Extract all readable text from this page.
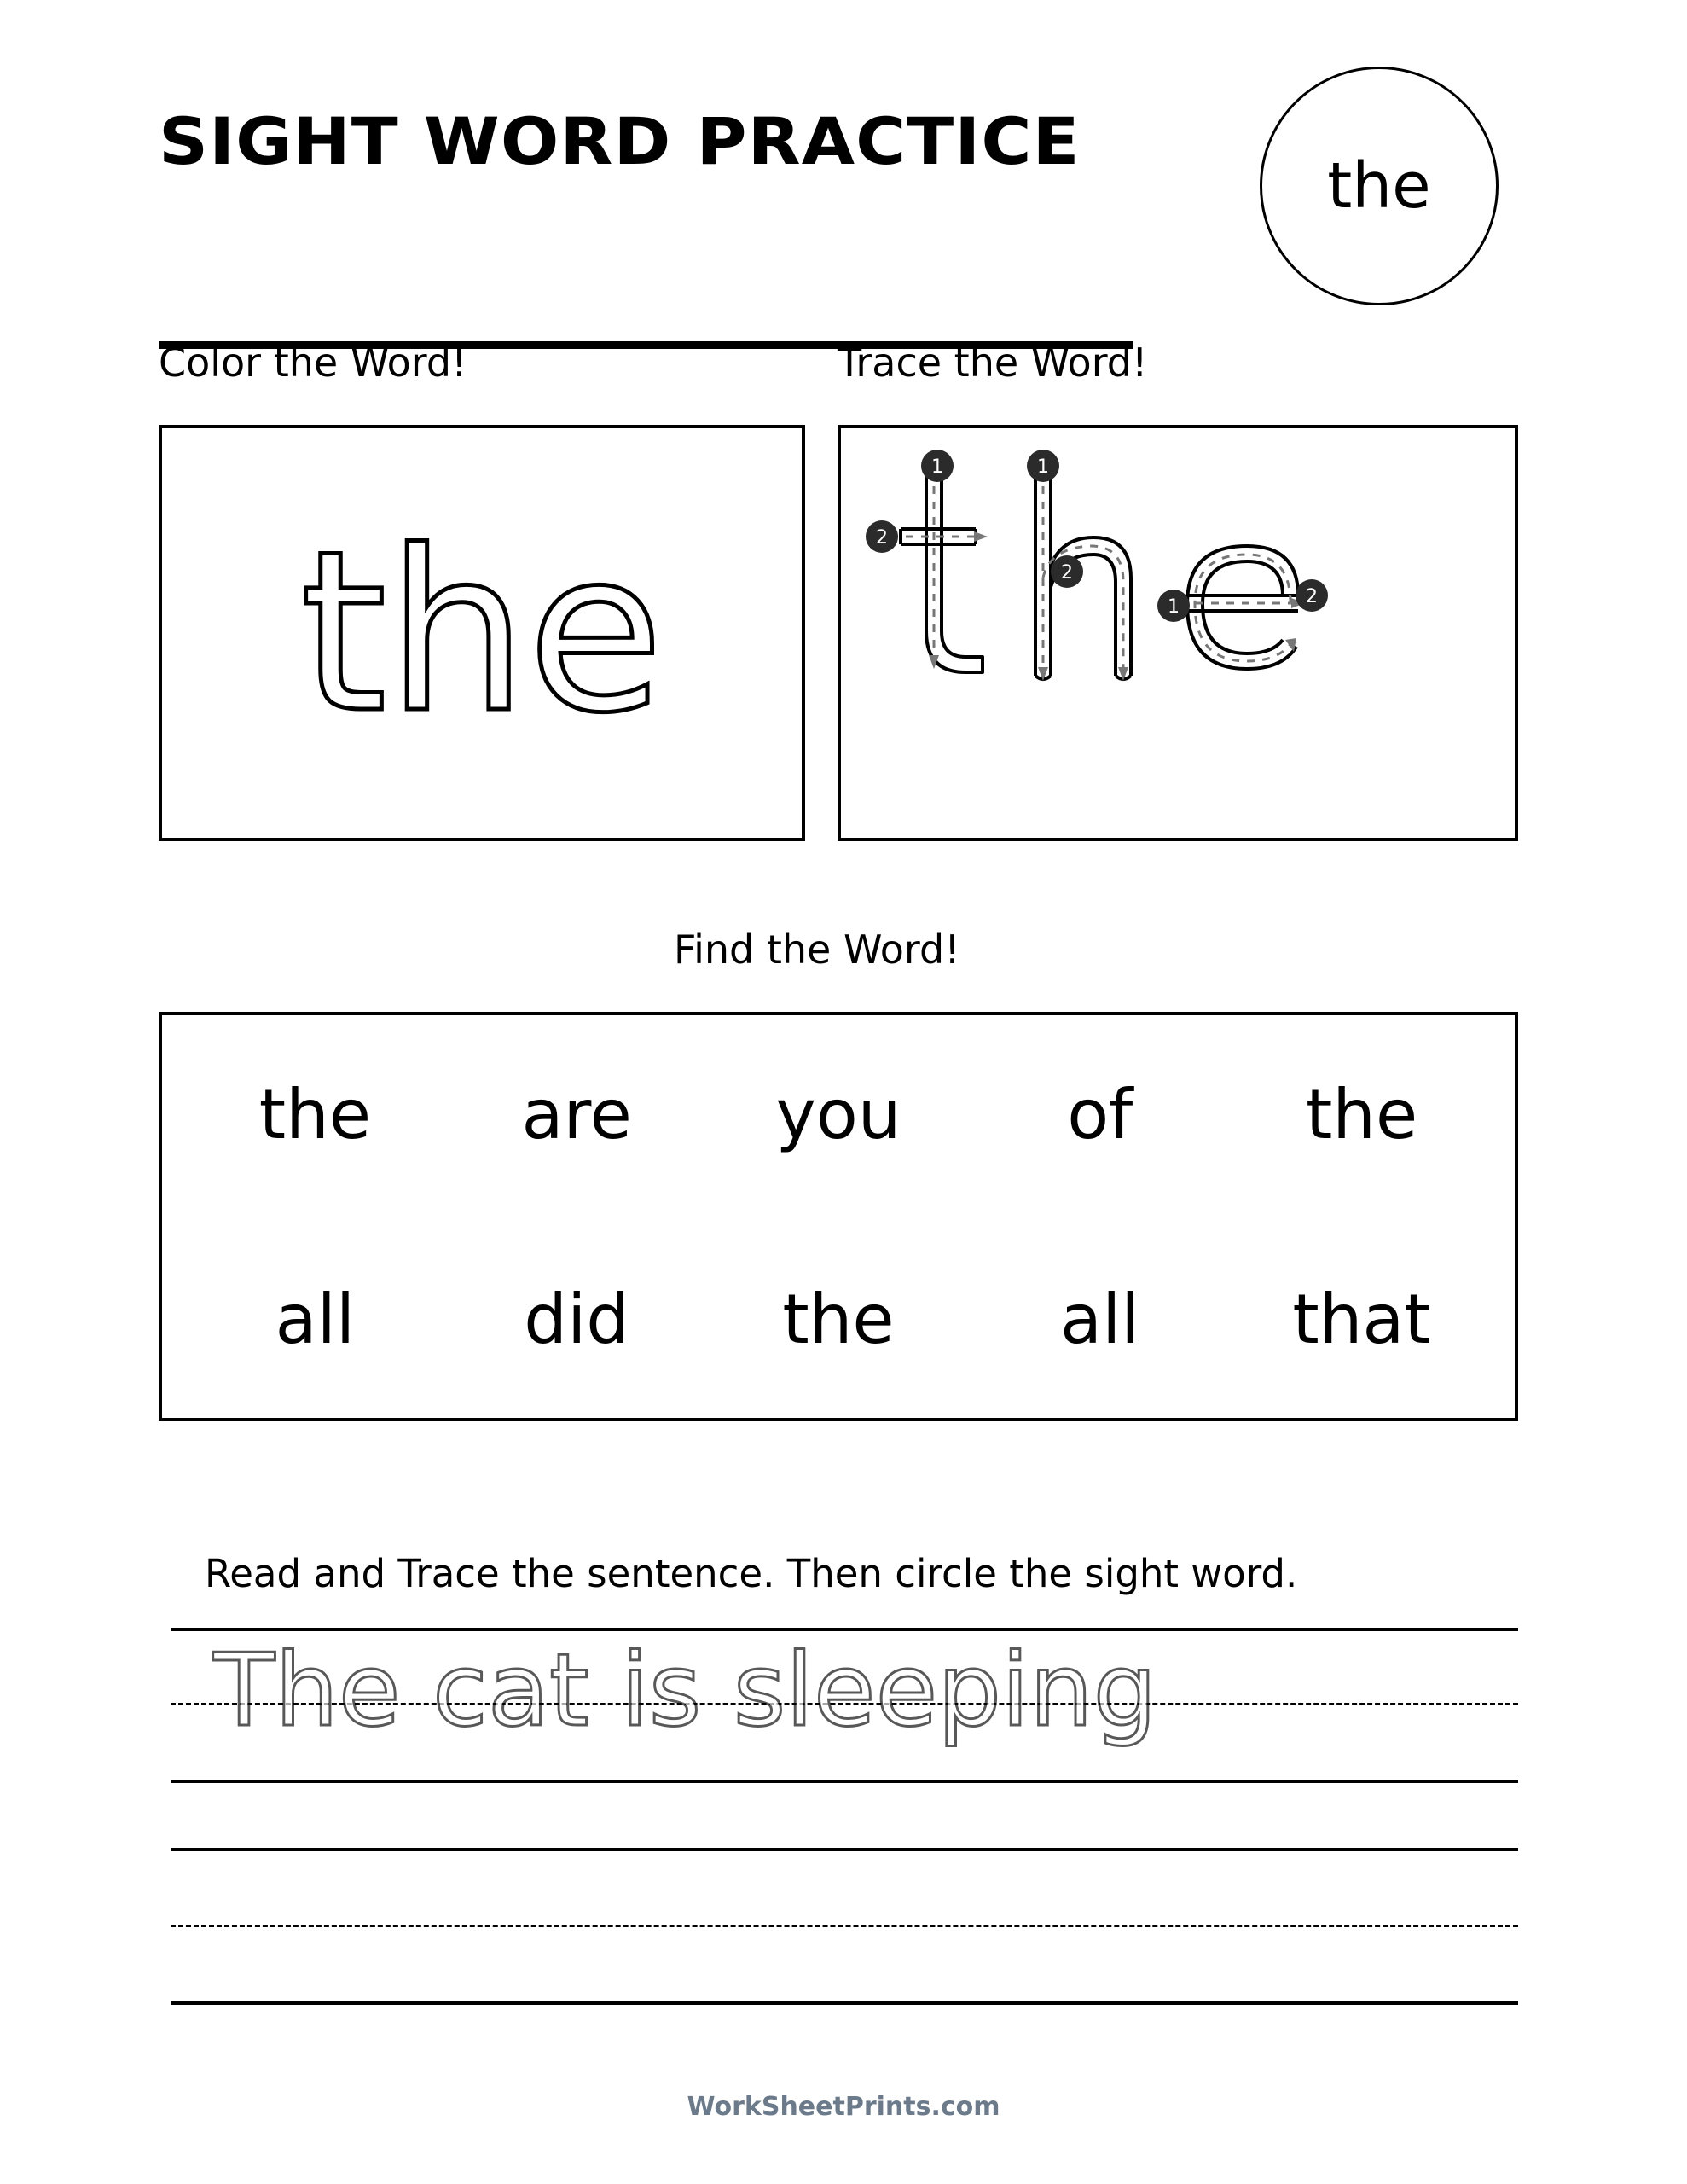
SIGHT WORD PRACTICE
the
Color the Word!
the
Trace the Word!
1
2
1
2
1	2
Find the Word!
the are you of	the
all did the all that
Read and Trace the sentence. Then circle the sight word.
The cat is sleeping
WorkSheetPrints.com
